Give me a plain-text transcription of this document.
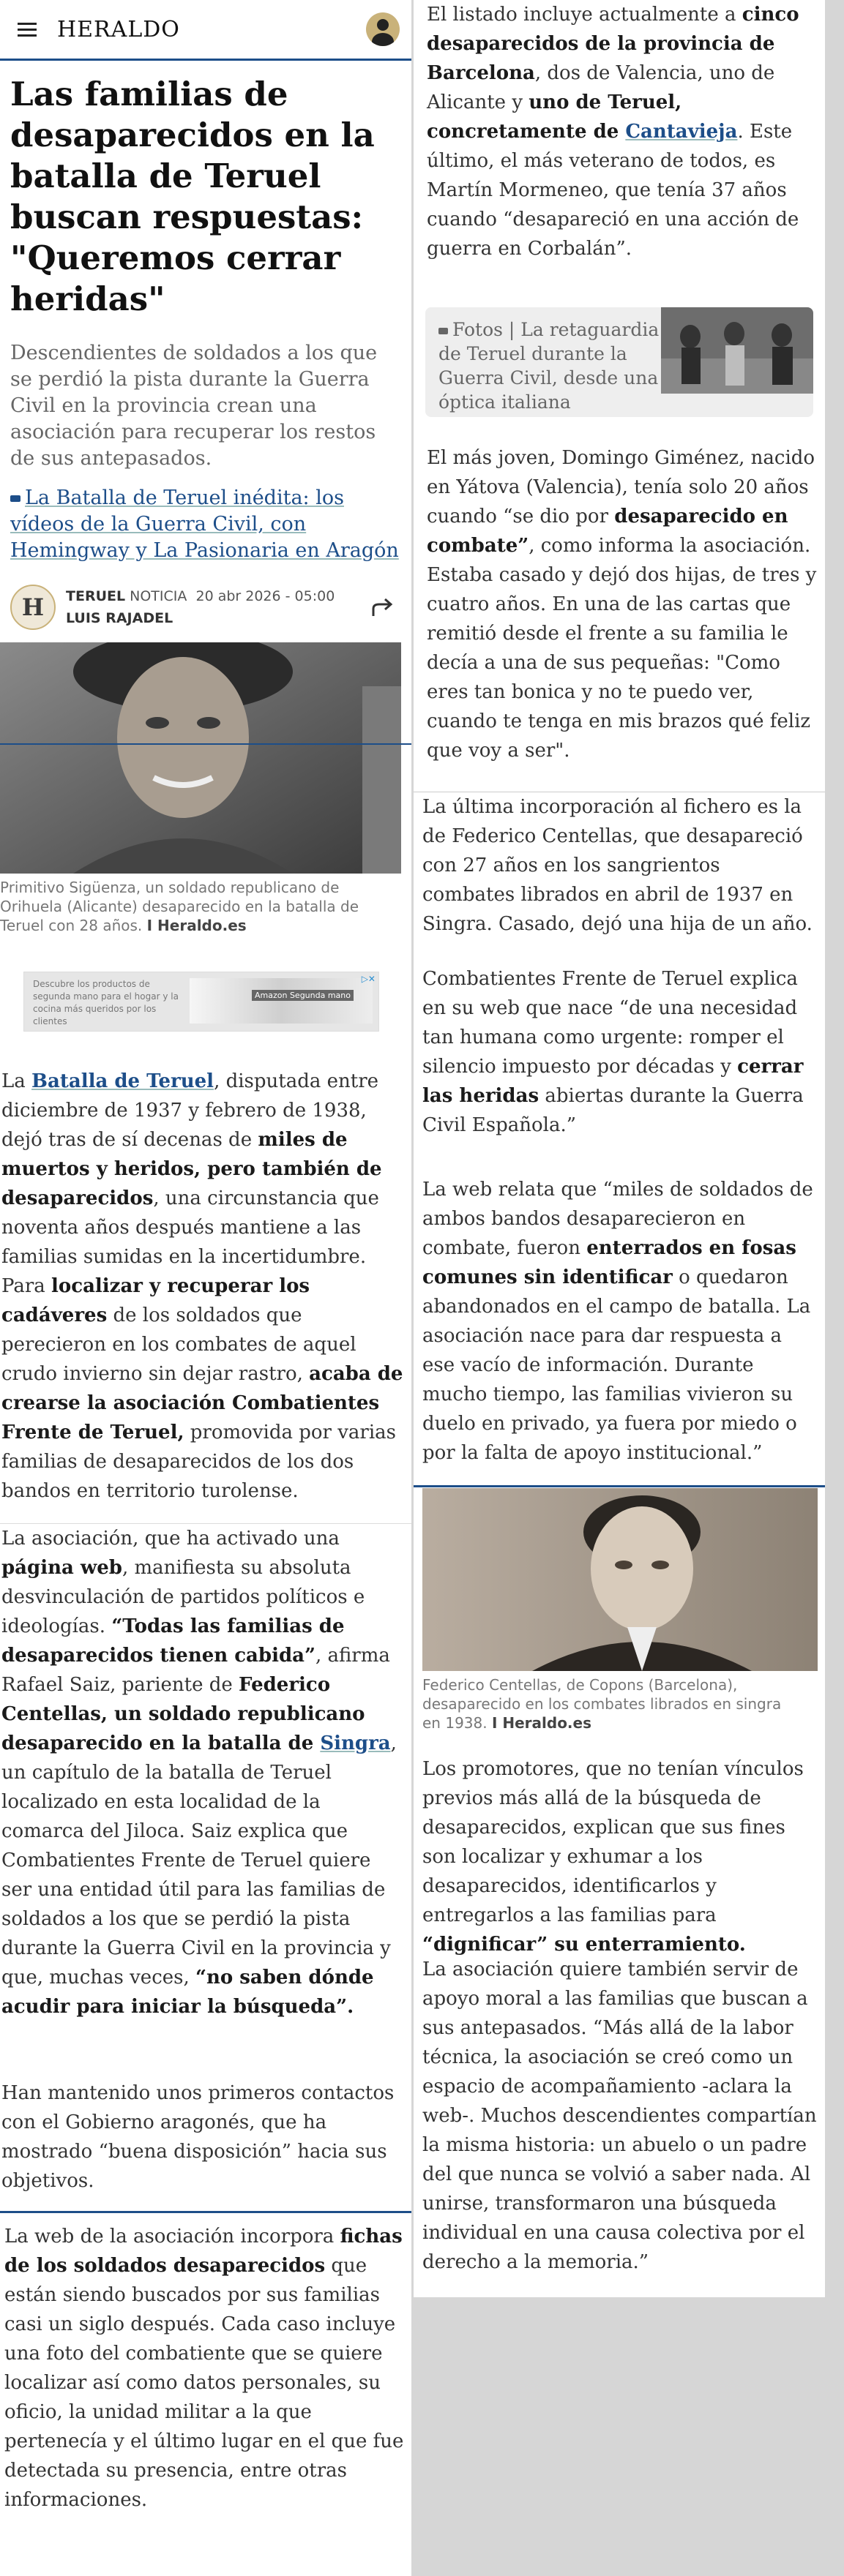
HERALDO
Las familias de desaparecidos en la batalla de Teruel buscan respuestas: "Queremos cerrar heridas"

Descendientes de soldados a los que se perdió la pista durante la Guerra Civil en la provincia crean una asociación para recuperar los restos de sus antepasados.

La Batalla de Teruel inédita: los vídeos de la Guerra Civil, con Hemingway y La Pasionaria en Aragón

H	TERUEL NOTICIA 20 abr 2026 - 05:00
LUIS RAJADEL

Primitivo Sigüenza, un soldado republicano de Orihuela (Alicante) desaparecido en la batalla de Teruel con 28 años. I Heraldo.es

Descubre los productos de segunda mano para el hogar y la cocina más queridos por los clientes
Amazon Segunda mano
▷✕

La Batalla de Teruel, disputada entre diciembre de 1937 y febrero de 1938, dejó tras de sí decenas de miles de muertos y heridos, pero también de desaparecidos, una circunstancia que noventa años después mantiene a las familias sumidas en la incertidumbre.

Para localizar y recuperar los cadáveres de los soldados que perecieron en los combates de aquel crudo invierno sin dejar rastro, acaba de crearse la asociación Combatientes Frente de Teruel, promovida por varias familias de desaparecidos de los dos bandos en territorio turolense.

La asociación, que ha activado una página web, manifiesta su absoluta desvinculación de partidos políticos e ideologías. “Todas las familias de desaparecidos tienen cabida”, afirma Rafael Saiz, pariente de Federico Centellas, un soldado republicano desaparecido en la batalla de Singra, un capítulo de la batalla de Teruel localizado en esta localidad de la comarca del Jiloca. Saiz explica que Combatientes Frente de Teruel quiere ser una entidad útil para las familias de soldados a los que se perdió la pista durante la Guerra Civil en la provincia y que, muchas veces, “no saben dónde acudir para iniciar la búsqueda”.

Han mantenido unos primeros contactos con el Gobierno aragonés, que ha mostrado “buena disposición” hacia sus objetivos.

La web de la asociación incorpora fichas de los soldados desaparecidos que están siendo buscados por sus familias casi un siglo después. Cada caso incluye una foto del combatiente que se quiere localizar así como datos personales, su oficio, la unidad militar a la que pertenecía y el último lugar en el que fue detectada su presencia, entre otras informaciones.

El listado incluye actualmente a cinco desaparecidos de la provincia de Barcelona, dos de Valencia, uno de Alicante y uno de Teruel, concretamente de Cantavieja. Este último, el más veterano de todos, es Martín Mormeneo, que tenía 37 años cuando “desapareció en una acción de guerra en Corbalán”.

Fotos | La retaguardia de Teruel durante la Guerra Civil, desde una óptica italiana

El más joven, Domingo Giménez, nacido en Yátova (Valencia), tenía solo 20 años cuando “se dio por desaparecido en combate”, como informa la asociación. Estaba casado y dejó dos hijas, de tres y cuatro años. En una de las cartas que remitió desde el frente a su familia le decía a una de sus pequeñas: "Como eres tan bonica y no te puedo ver, cuando te tenga en mis brazos qué feliz que voy a ser".

La última incorporación al fichero es la de Federico Centellas, que desapareció con 27 años en los sangrientos combates librados en abril de 1937 en Singra. Casado, dejó una hija de un año.

Combatientes Frente de Teruel explica en su web que nace “de una necesidad tan humana como urgente: romper el silencio impuesto por décadas y cerrar las heridas abiertas durante la Guerra Civil Española.”

La web relata que “miles de soldados de ambos bandos desaparecieron en combate, fueron enterrados en fosas comunes sin identificar o quedaron abandonados en el campo de batalla. La asociación nace para dar respuesta a ese vacío de información. Durante mucho tiempo, las familias vivieron su duelo en privado, ya fuera por miedo o por la falta de apoyo institucional.”

Federico Centellas, de Copons (Barcelona), desaparecido en los combates librados en singra en 1938. I Heraldo.es

Los promotores, que no tenían vínculos previos más allá de la búsqueda de desaparecidos, explican que sus fines son localizar y exhumar a los desaparecidos, identificarlos y entregarlos a las familias para “dignificar” su enterramiento.

La asociación quiere también servir de apoyo moral a las familias que buscan a sus antepasados. “Más allá de la labor técnica, la asociación se creó como un espacio de acompañamiento -aclara la web-. Muchos descendientes compartían la misma historia: un abuelo o un padre del que nunca se volvió a saber nada. Al unirse, transformaron una búsqueda individual en una causa colectiva por el derecho a la memoria.”
